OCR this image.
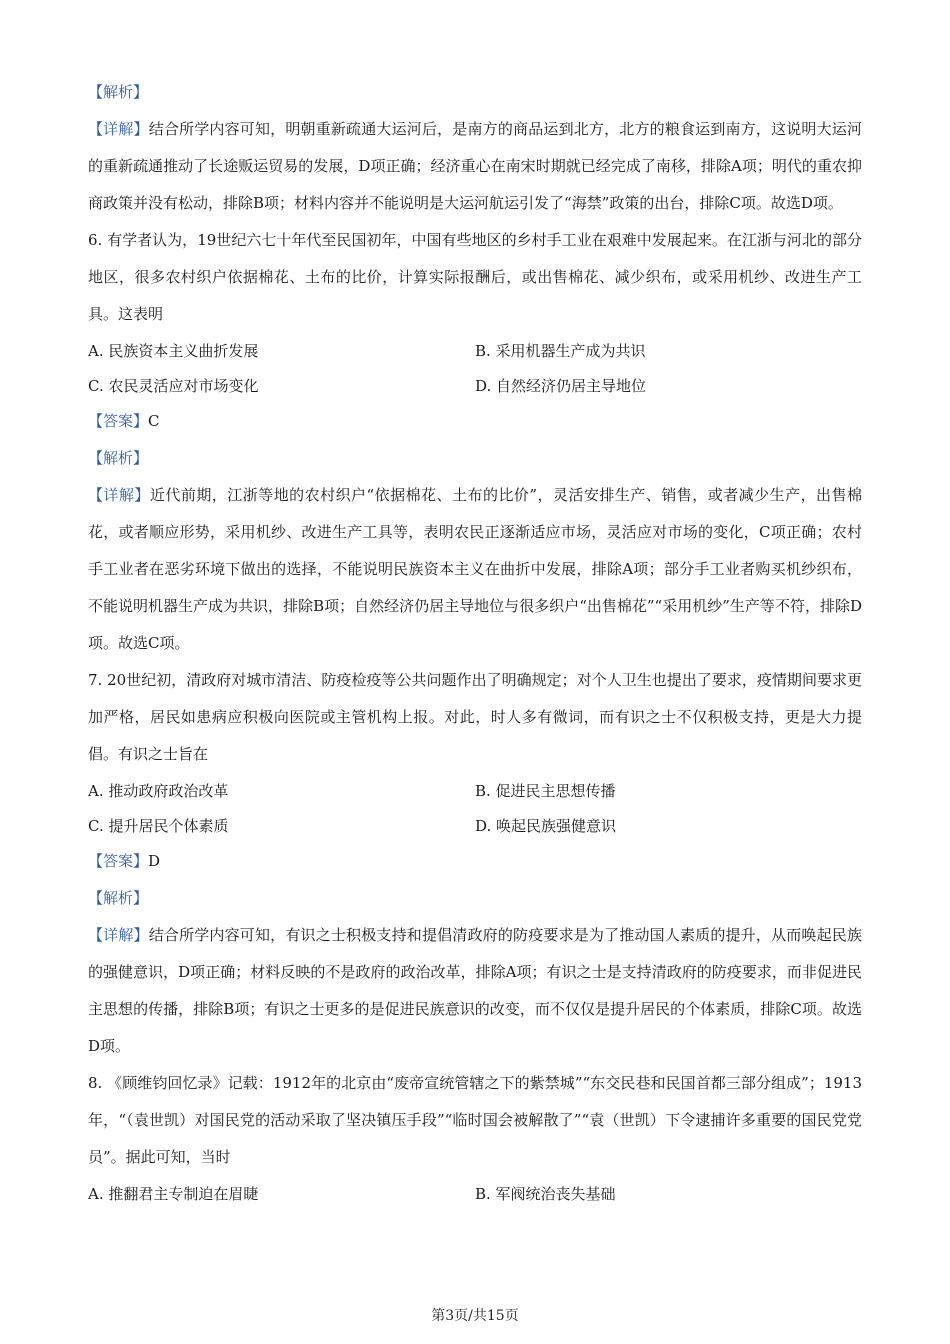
【解析】
【详解】结合所学内容可知，明朝重新疏通大运河后，是南方的商品运到北方，北方的粮食运到南方，这说明大运河的重新疏通推动了长途贩运贸易的发展，D项正确；经济重心在南宋时期就已经完成了南移，排除A项；明代的重农抑商政策并没有松动，排除B项；材料内容并不能说明是大运河航运引发了“海禁”政策的出台，排除C项。故选D项。
6. 有学者认为，19世纪六七十年代至民国初年，中国有些地区的乡村手工业在艰难中发展起来。在江浙与河北的部分地区，很多农村织户依据棉花、土布的比价，计算实际报酬后，或出售棉花、减少织布，或采用机纱、改进生产工具。这表明
A. 民族资本主义曲折发展	B. 采用机器生产成为共识
C. 农民灵活应对市场变化	D. 自然经济仍居主导地位
【答案】C
【解析】
【详解】近代前期，江浙等地的农村织户“依据棉花、土布的比价”，灵活安排生产、销售，或者减少生产，出售棉花，或者顺应形势，采用机纱、改进生产工具等，表明农民正逐渐适应市场，灵活应对市场的变化，C项正确；农村手工业者在恶劣环境下做出的选择，不能说明民族资本主义在曲折中发展，排除A项；部分手工业者购买机纱织布，不能说明机器生产成为共识，排除B项；自然经济仍居主导地位与很多织户“出售棉花”“采用机纱”生产等不符，排除D项。故选C项。
7. 20世纪初，清政府对城市清洁、防疫检疫等公共问题作出了明确规定；对个人卫生也提出了要求，疫情期间要求更加严格，居民如患病应积极向医院或主管机构上报。对此，时人多有微词，而有识之士不仅积极支持，更是大力提倡。有识之士旨在
A. 推动政府政治改革	B. 促进民主思想传播
C. 提升居民个体素质	D. 唤起民族强健意识
【答案】D
【解析】
【详解】结合所学内容可知，有识之士积极支持和提倡清政府的防疫要求是为了推动国人素质的提升，从而唤起民族的强健意识，D项正确；材料反映的不是政府的政治改革，排除A项；有识之士是支持清政府的防疫要求，而非促进民主思想的传播，排除B项；有识之士更多的是促进民族意识的改变，而不仅仅是提升居民的个体素质，排除C项。故选D项。
8. 《顾维钧回忆录》记载：1912年的北京由“废帝宣统管辖之下的紫禁城”“东交民巷和民国首都三部分组成”；1913年，“（袁世凯）对国民党的活动采取了坚决镇压手段”“临时国会被解散了”“袁（世凯）下令逮捕许多重要的国民党党员”。据此可知，当时
A. 推翻君主专制迫在眉睫	B. 军阀统治丧失基础
第3页/共15页
